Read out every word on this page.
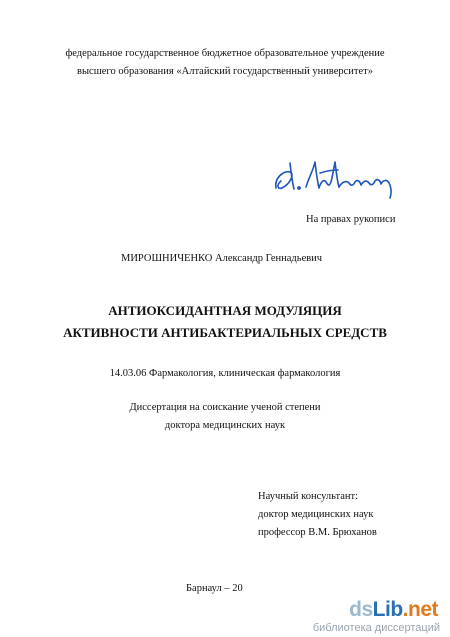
федеральное государственное бюджетное образовательное учреждение
высшего образования «Алтайский государственный университет»
На правах рукописи
МИРОШНИЧЕНКО Александр Геннадьевич
АНТИОКСИДАНТНАЯ МОДУЛЯЦИЯ
АКТИВНОСТИ АНТИБАКТЕРИАЛЬНЫХ СРЕДСТВ
14.03.06 Фармакология, клиническая фармакология
Диссертация на соискание ученой степени
доктора медицинских наук
Научный консультант:
доктор медицинских наук
профессор В.М. Брюханов
Барнаул – 20
dsLib.net
библиотека диссертаций
